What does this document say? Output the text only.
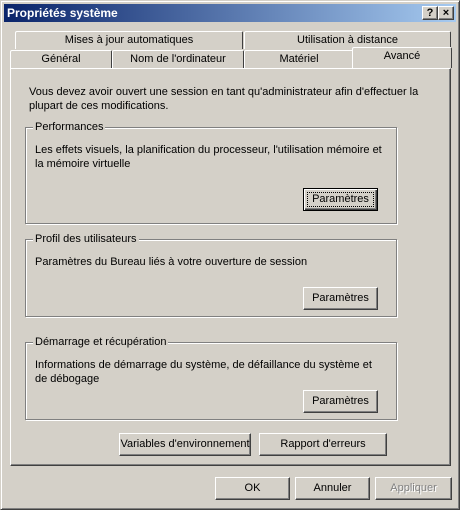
Propriétés système	? ×
Mises à jour automatiques	Utilisation à distance
Général	Nom de l'ordinateur	Matériel	Avancé
Vous devez avoir ouvert une session en tant qu'administrateur afin d'effectuer la plupart de ces modifications.
Performances
Les effets visuels, la planification du processeur, l'utilisation mémoire et la mémoire virtuelle
Paramètres
Profil des utilisateurs
Paramètres du Bureau liés à votre ouverture de session
Paramètres
Démarrage et récupération
Informations de démarrage du système, de défaillance du système et de débogage
Paramètres
Variables d'environnement	Rapport d'erreurs
OK	Annuler	Appliquer
